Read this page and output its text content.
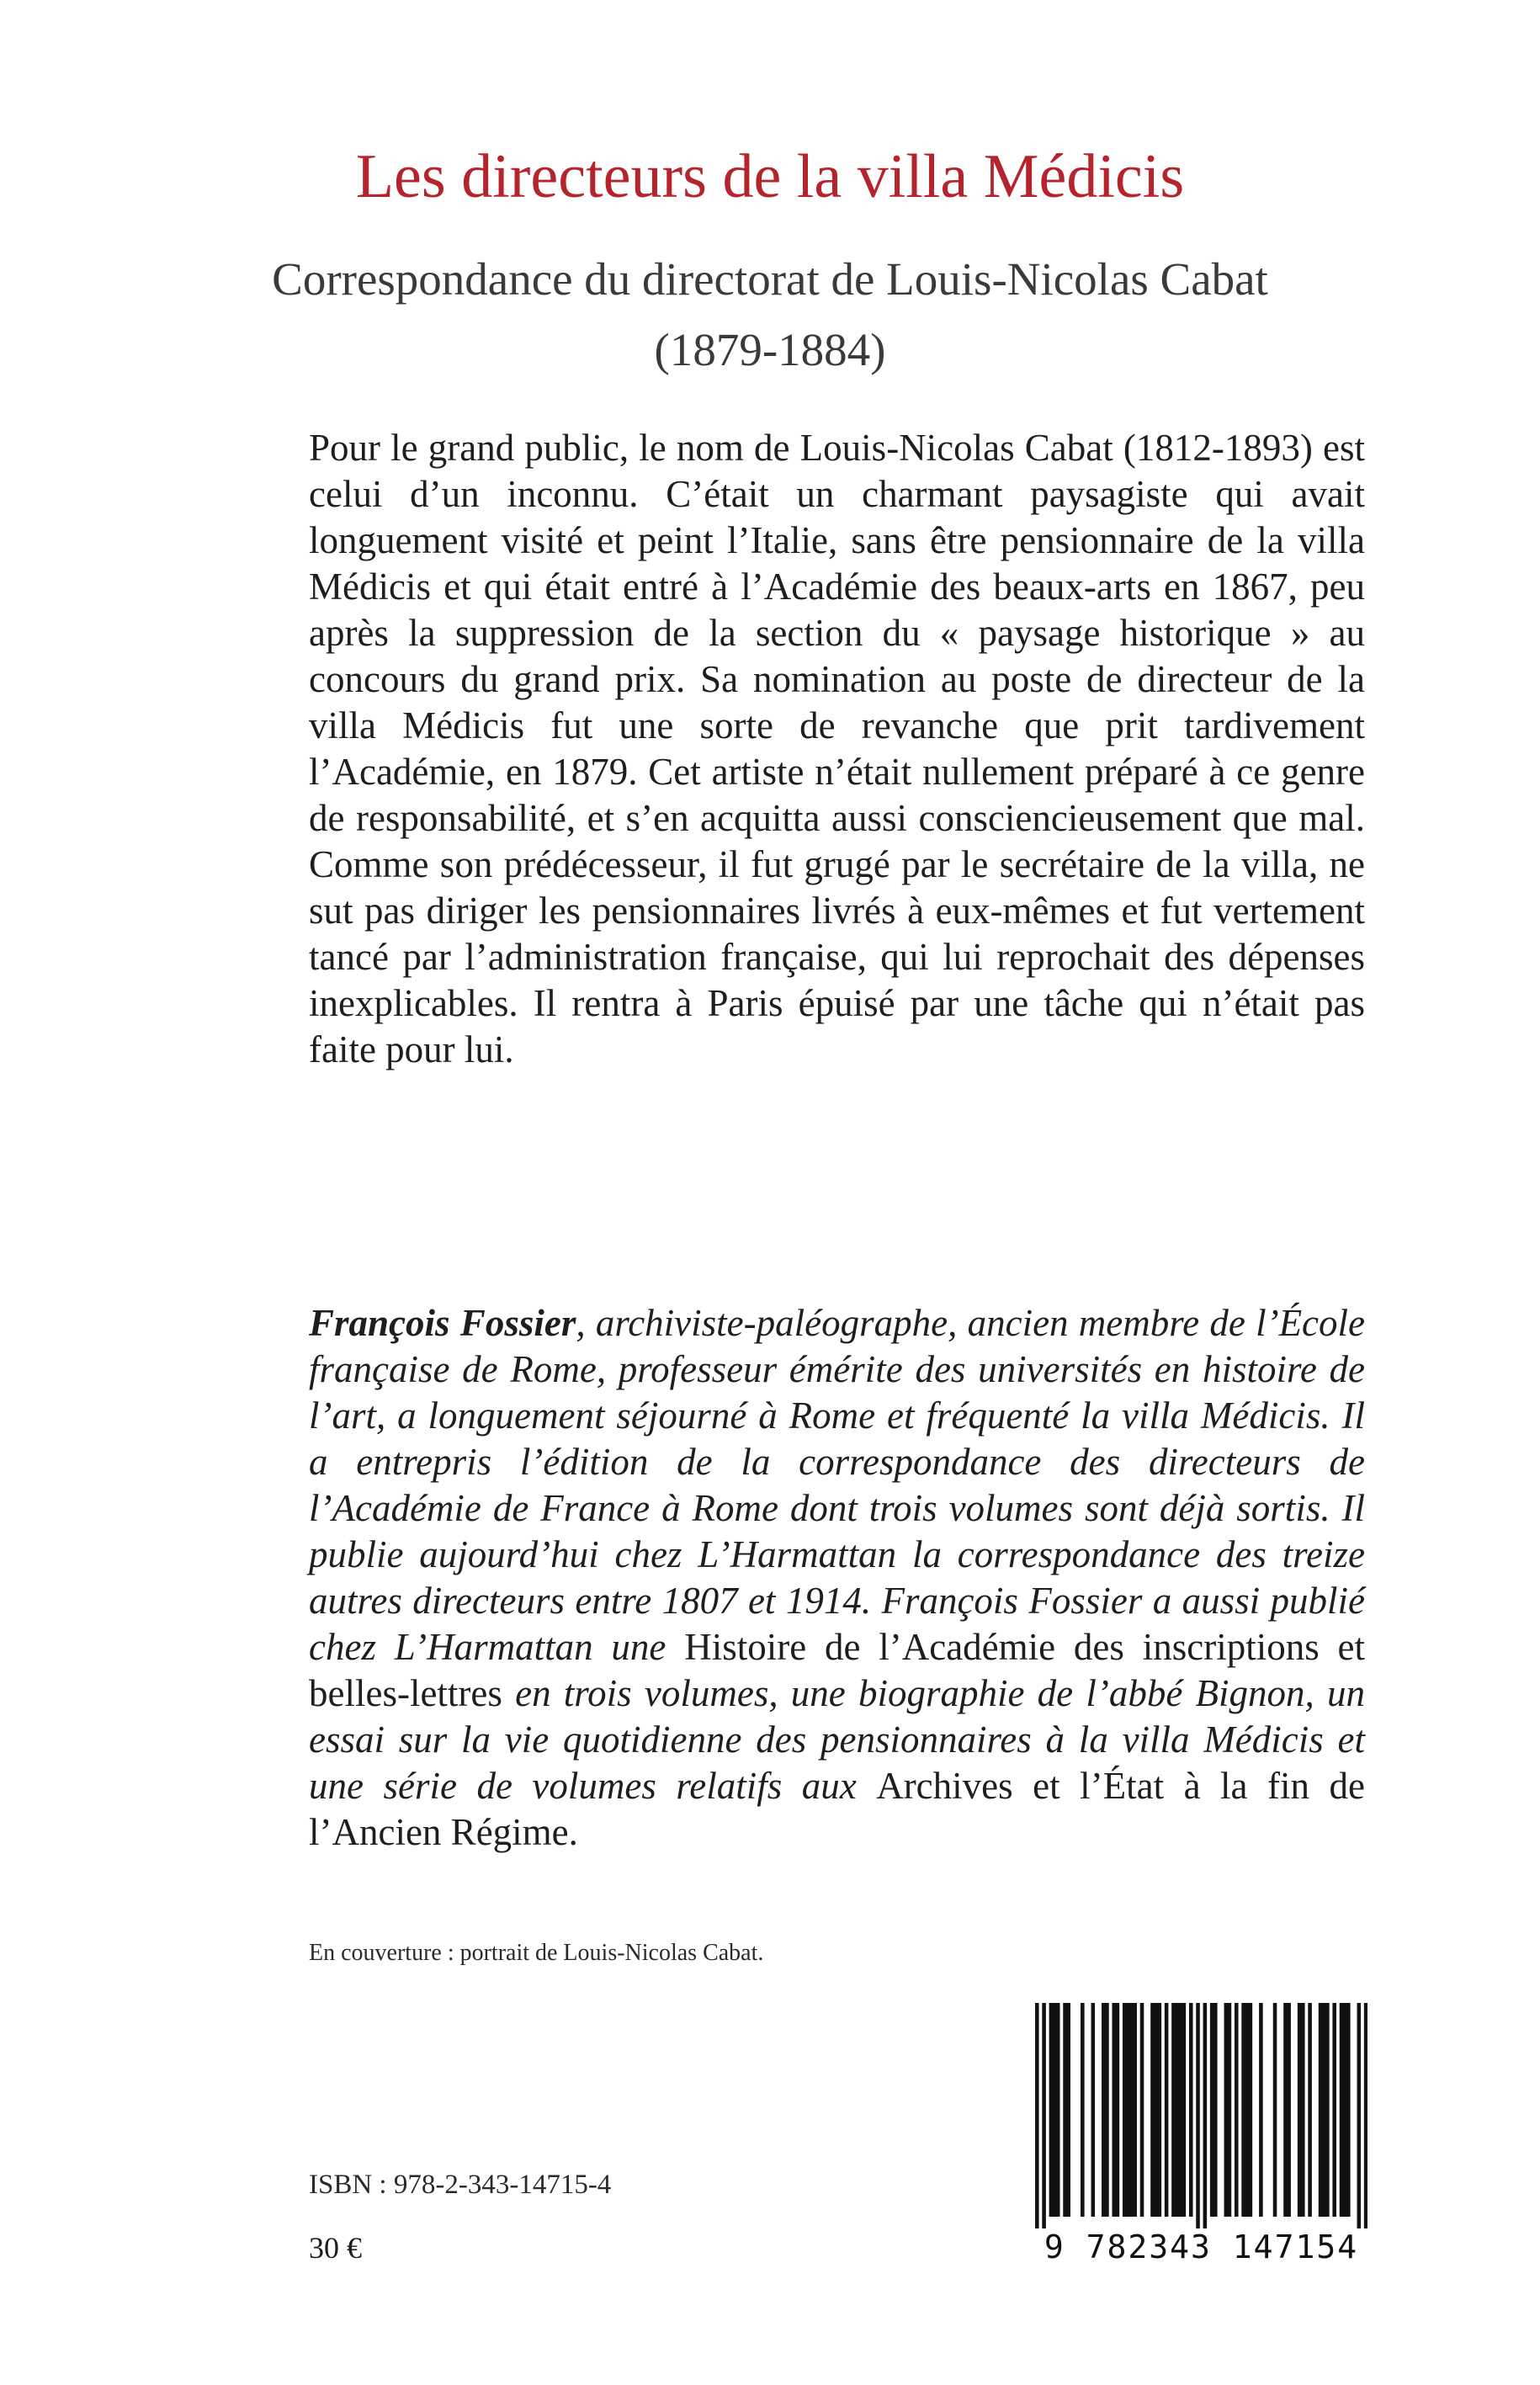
Les directeurs de la villa Médicis
Correspondance du directorat de Louis-Nicolas Cabat
(1879-1884)

Pour le grand public, le nom de Louis-Nicolas Cabat (1812-1893) est celui d’un inconnu. C’était un charmant paysagiste qui avait longuement visité et peint l’Italie, sans être pensionnaire de la villa Médicis et qui était entré à l’Académie des beaux-arts en 1867, peu après la suppression de la section du « paysage historique » au concours du grand prix. Sa nomination au poste de directeur de la villa Médicis fut une sorte de revanche que prit tardivement l’Académie, en 1879. Cet artiste n’était nullement préparé à ce genre de responsabilité, et s’en acquitta aussi consciencieusement que mal. Comme son prédécesseur, il fut grugé par le secrétaire de la villa, ne sut pas diriger les pensionnaires livrés à eux-mêmes et fut vertement tancé par l’administration française, qui lui reprochait des dépenses inexplicables. Il rentra à Paris épuisé par une tâche qui n’était pas faite pour lui.

François Fossier, archiviste-paléographe, ancien membre de l’École française de Rome, professeur émérite des universités en histoire de l’art, a longuement séjourné à Rome et fréquenté la villa Médicis. Il a entrepris l’édition de la correspondance des directeurs de l’Académie de France à Rome dont trois volumes sont déjà sortis. Il publie aujourd’hui chez L’Harmattan la correspondance des treize autres directeurs entre 1807 et 1914. François Fossier a aussi publié chez L’Harmattan une Histoire de l’Académie des inscriptions et belles-lettres en trois volumes, une biographie de l’abbé Bignon, un essai sur la vie quotidienne des pensionnaires à la villa Médicis et une série de volumes relatifs aux Archives et l’État à la fin de l’Ancien Régime.

En couverture : portrait de Louis-Nicolas Cabat.

9 782343 147154

ISBN : 978-2-343-14715-4

30 €
